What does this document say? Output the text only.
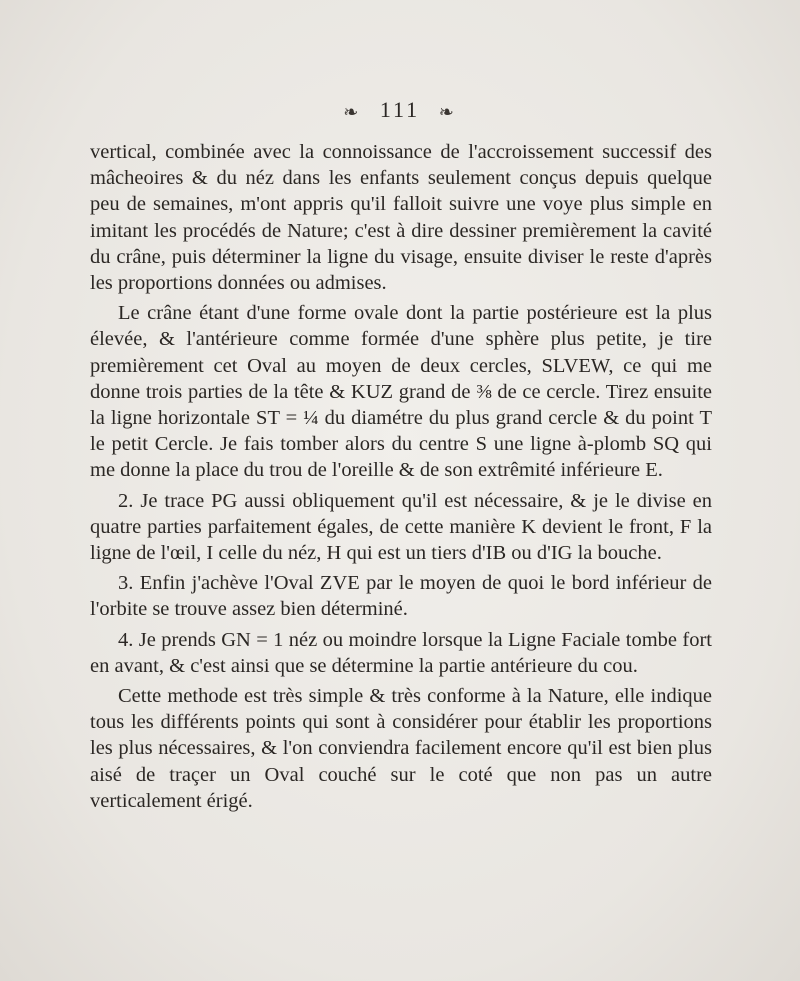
❧ 111 ❧

vertical, combinée avec la connoissance de l'accroissement successif des mâcheoires & du néz dans les enfants seulement conçus depuis quelque peu de semaines, m'ont appris qu'il falloit suivre une voye plus simple en imitant les procédés de Nature; c'est à dire dessiner premièrement la cavité du crâne, puis déterminer la ligne du visage, ensuite diviser le reste d'après les proportions données ou admises.

Le crâne étant d'une forme ovale dont la partie postérieure est la plus élevée, & l'antérieure comme formée d'une sphère plus petite, je tire premièrement cet Oval au moyen de deux cercles, SLVEW, ce qui me donne trois parties de la tête & KUZ grand de ⅜ de ce cercle. Tirez ensuite la ligne horizontale ST = ¼ du diamétre du plus grand cercle & du point T le petit Cercle. Je fais tomber alors du centre S une ligne à-plomb SQ qui me donne la place du trou de l'oreille & de son extrêmité inférieure E.

2. Je trace PG aussi obliquement qu'il est nécessaire, & je le divise en quatre parties parfaitement égales, de cette manière K devient le front, F la ligne de l'œil, I celle du néz, H qui est un tiers d'IB ou d'IG la bouche.

3. Enfin j'achève l'Oval ZVE par le moyen de quoi le bord inférieur de l'orbite se trouve assez bien déterminé.

4. Je prends GN = 1 néz ou moindre lorsque la Ligne Faciale tombe fort en avant, & c'est ainsi que se détermine la partie antérieure du cou.

Cette methode est très simple & très conforme à la Nature, elle indique tous les différents points qui sont à considérer pour établir les proportions les plus nécessaires, & l'on conviendra facilement encore qu'il est bien plus aisé de traçer un Oval couché sur le coté que non pas un autre verticalement érigé.
